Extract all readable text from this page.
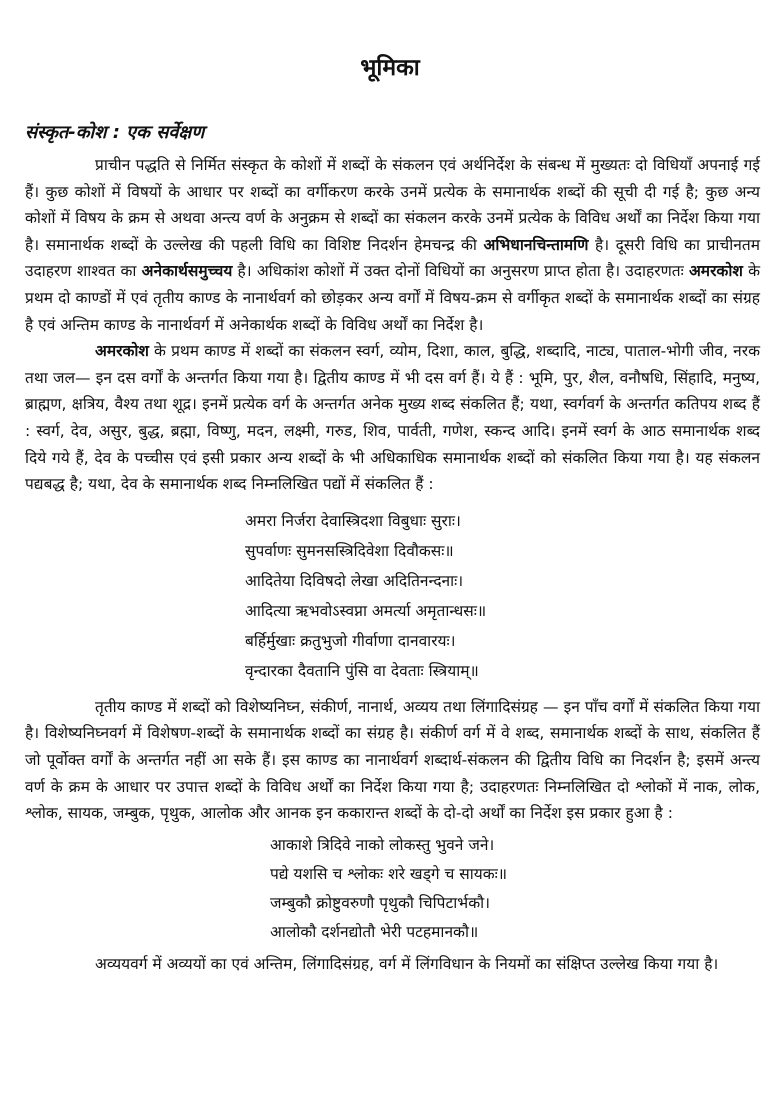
भूमिका
संस्कृत-कोश : एक सर्वेक्षण

प्राचीन पद्धति से निर्मित संस्कृत के कोशों में शब्दों के संकलन एवं अर्थनिर्देश के संबन्ध में मुख्यतः दो विधियाँ अपनाई गई हैं। कुछ कोशों में विषयों के आधार पर शब्दों का वर्गीकरण करके उनमें प्रत्येक के समानार्थक शब्दों की सूची दी गई है; कुछ अन्य कोशों में विषय के क्रम से अथवा अन्त्य वर्ण के अनुक्रम से शब्दों का संकलन करके उनमें प्रत्येक के विविध अर्थों का निर्देश किया गया है। समानार्थक शब्दों के उल्लेख की पहली विधि का विशिष्ट निदर्शन हेमचन्द्र की अभिधानचिन्तामणि है। दूसरी विधि का प्राचीनतम उदाहरण शाश्वत का अनेकार्थसमुच्चय है। अधिकांश कोशों में उक्त दोनों विधियों का अनुसरण प्राप्त होता है। उदाहरणतः अमरकोश के प्रथम दो काण्डों में एवं तृतीय काण्ड के नानार्थवर्ग को छोड़कर अन्य वर्गों में विषय-क्रम से वर्गीकृत शब्दों के समानार्थक शब्दों का संग्रह है एवं अन्तिम काण्ड के नानार्थवर्ग में अनेकार्थक शब्दों के विविध अर्थों का निर्देश है।

अमरकोश के प्रथम काण्ड में शब्दों का संकलन स्वर्ग, व्योम, दिशा, काल, बुद्धि, शब्दादि, नाट्य, पाताल-भोगी जीव, नरक तथा जल— इन दस वर्गों के अन्तर्गत किया गया है। द्वितीय काण्ड में भी दस वर्ग हैं। ये हैं : भूमि, पुर, शैल, वनौषधि, सिंहादि, मनुष्य, ब्राह्मण, क्षत्रिय, वैश्य तथा शूद्र। इनमें प्रत्येक वर्ग के अन्तर्गत अनेक मुख्य शब्द संकलित हैं; यथा, स्वर्गवर्ग के अन्तर्गत कतिपय शब्द हैं : स्वर्ग, देव, असुर, बुद्ध, ब्रह्मा, विष्णु, मदन, लक्ष्मी, गरुड, शिव, पार्वती, गणेश, स्कन्द आदि। इनमें स्वर्ग के आठ समानार्थक शब्द दिये गये हैं, देव के पच्चीस एवं इसी प्रकार अन्य शब्दों के भी अधिकाधिक समानार्थक शब्दों को संकलित किया गया है। यह संकलन पद्यबद्ध है; यथा, देव के समानार्थक शब्द निम्नलिखित पद्यों में संकलित हैं :

अमरा निर्जरा देवास्त्रिदशा विबुधाः सुराः।
सुपर्वाणः सुमनसस्त्रिदिवेशा दिवौकसः॥
आदितेया दिविषदो लेखा अदितिनन्दनाः।
आदित्या ऋभवोऽस्वप्ना अमर्त्या अमृतान्धसः॥
बर्हिर्मुखाः क्रतुभुजो गीर्वाणा दानवारयः।
वृन्दारका दैवतानि पुंसि वा देवताः स्त्रियाम्॥

तृतीय काण्ड में शब्दों को विशेष्यनिघ्न, संकीर्ण, नानार्थ, अव्यय तथा लिंगादिसंग्रह — इन पाँच वर्गों में संकलित किया गया है। विशेष्यनिघ्नवर्ग में विशेषण-शब्दों के समानार्थक शब्दों का संग्रह है। संकीर्ण वर्ग में वे शब्द, समानार्थक शब्दों के साथ, संकलित हैं जो पूर्वोक्त वर्गों के अन्तर्गत नहीं आ सके हैं। इस काण्ड का नानार्थवर्ग शब्दार्थ-संकलन की द्वितीय विधि का निदर्शन है; इसमें अन्त्य वर्ण के क्रम के आधार पर उपात्त शब्दों के विविध अर्थों का निर्देश किया गया है; उदाहरणतः निम्नलिखित दो श्लोकों में नाक, लोक, श्लोक, सायक, जम्बुक, पृथुक, आलोक और आनक इन ककारान्त शब्दों के दो-दो अर्थों का निर्देश इस प्रकार हुआ है :

आकाशे त्रिदिवे नाको लोकस्तु भुवने जने।
पद्ये यशसि च श्लोकः शरे खड्गे च सायकः॥
जम्बुकौ क्रोष्टुवरुणौ पृथुकौ चिपिटार्भकौ।
आलोकौ दर्शनद्योतौ भेरी पटहमानकौ॥

अव्ययवर्ग में अव्ययों का एवं अन्तिम, लिंगादिसंग्रह, वर्ग में लिंगविधान के नियमों का संक्षिप्त उल्लेख किया गया है।
